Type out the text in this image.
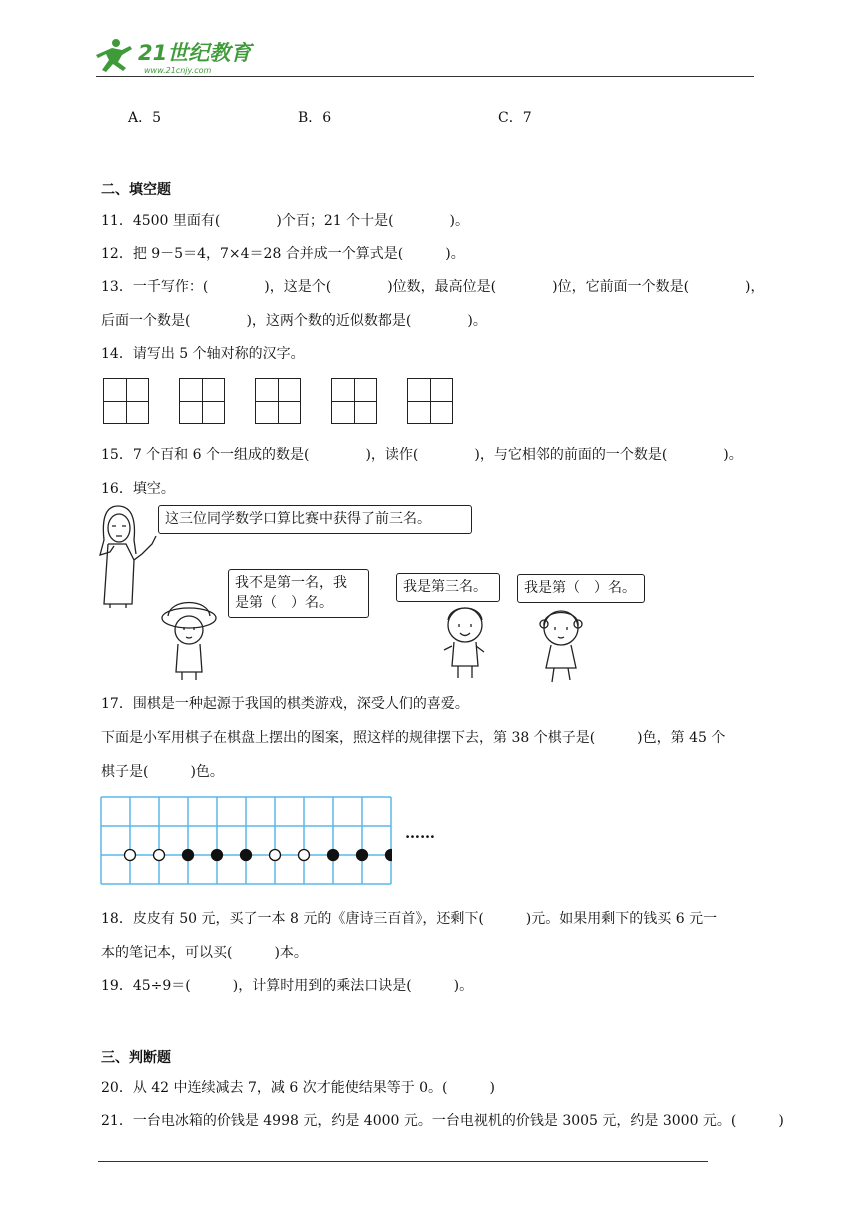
21世纪教育
www.21cnjy.com
A．5	B．6	C．7
二、填空题
11．4500 里面有(　　　　)个百；21 个十是(　　　　)。
12．把 9－5＝4，7×4＝28 合并成一个算式是(　　　)。
13．一千写作：(　　　　)，这是个(　　　　)位数，最高位是(　　　　)位，它前面一个数是(　　　　)，
后面一个数是(　　　　)，这两个数的近似数都是(　　　　)。
14．请写出 5 个轴对称的汉字。
15．7 个百和 6 个一组成的数是(　　　　)，读作(　　　　)，与它相邻的前面的一个数是(　　　　)。
16．填空。
这三位同学数学口算比赛中获得了前三名。
我不是第一名，我
是第（　）名。
我是第三名。	我是第（　）名。
17．围棋是一种起源于我国的棋类游戏，深受人们的喜爱。
下面是小军用棋子在棋盘上摆出的图案，照这样的规律摆下去，第 38 个棋子是(　　　)色，第 45 个
棋子是(　　　)色。
……
18．皮皮有 50 元，买了一本 8 元的《唐诗三百首》，还剩下(　　　)元。如果用剩下的钱买 6 元一
本的笔记本，可以买(　　　)本。
19．45÷9＝(　　　)，计算时用到的乘法口诀是(　　　)。
三、判断题
20．从 42 中连续减去 7，减 6 次才能使结果等于 0。(　　　)
21．一台电冰箱的价钱是 4998 元，约是 4000 元。一台电视机的价钱是 3005 元，约是 3000 元。(　　　)
